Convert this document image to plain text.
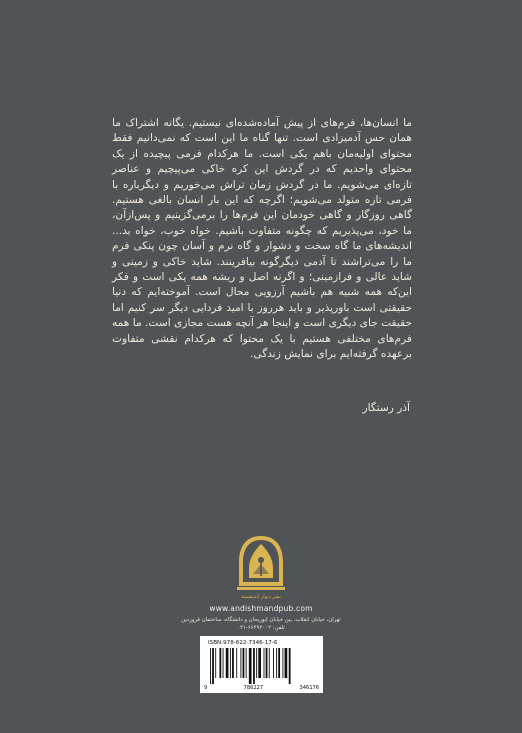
ما انسان‌ها، فرم‌های از پیش آماده‌شده‌ای نیستیم. یگانه اشتراک ما همان حس آدمیزادی است. تنها گناه ما این است که نمی‌دانیم فقط محتوای اولیه‌مان باهم یکی است. ما هرکدام فرمی پیچیده از یک محتوای واحدیم که در گردش این کره خاکی می‌پیچیم و عناصر تازه‌ای می‌شویم. ما در گردش زمان تراش می‌خوریم و دیگرباره با فرمی تازه متولد می‌شویم؛ اگرچه که این بار انسان بالغی هستیم. گاهی روزگار و گاهی خودمان این فرم‌ها را برمی‌گزینیم و پس‌ازآن، ما خود، می‌پذیریم که چگونه متفاوت باشیم. خواه خوب، خواه بد... اندیشه‌های ما گاه سخت و دشوار و گاه نرم و آسان چون پنکی فرم ما را می‌تراشند تا آدمی دیگرگونه بیافرینند. شاید خاکی و زمینی و شاید عالی و فرازمینی؛ و اگرنه اصل و ریشه همه یکی است و فکر این‌که همه شبیه هم باشیم آرزویی محال است. آموخته‌ایم که دنیا حقیقتی است باورپذیر و باید هرروز با امید فردایی دیگر سر کنیم اما حقیقت جای دیگری است و اینجا هر آنچه هست مجازی است. ما همه فرم‌های مختلفی هستیم با یک محتوا که هرکدام نقشی متفاوت برعهده گرفته‌ایم برای نمایش زندگی.

آذر رستگار
نشر دیوار اندیشمند
www.andishmandpub.com
تهران، خیابان انقلاب، بین خیابان ابوریحان و دانشگاه، ساختمان فروردین
تلفن: ۶۶۴۹۲۰۰۲-۰۲۱
ISBN:978-622-7346-17-6
9	786227	346176
